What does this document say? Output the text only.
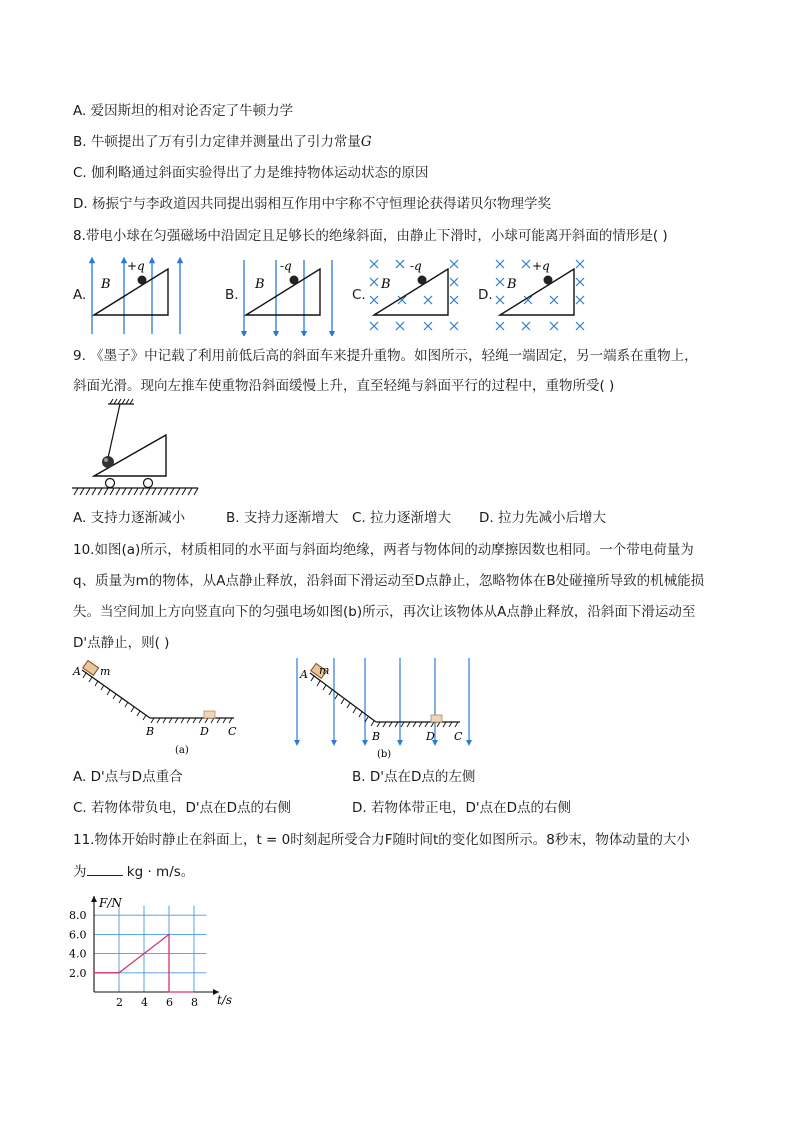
A. 爱因斯坦的相对论否定了牛顿力学
B. 牛顿提出了万有引力定律并测量出了引力常量G
C. 伽利略通过斜面实验得出了力是维持物体运动状态的原因
D. 杨振宁与李政道因共同提出弱相互作用中宇称不守恒理论获得诺贝尔物理学奖
8.带电小球在匀强磁场中沿固定且足够长的绝缘斜面，由静止下滑时，小球可能离开斜面的情形是( )
A.
B
+q
B.
B
-q
C.
B
-q
D.
B
+q
9. 《墨子》中记载了利用前低后高的斜面车来提升重物。如图所示，轻绳一端固定，另一端系在重物上，
斜面光滑。现向左推车使重物沿斜面缓慢上升，直至轻绳与斜面平行的过程中，重物所受( )
A. 支持力逐渐减小	B. 支持力逐渐增大 C. 拉力逐渐增大 D. 拉力先减小后增大
10.如图(a)所示，材质相同的水平面与斜面均绝缘，两者与物体间的动摩擦因数也相同。一个带电荷量为
q、质量为m的物体，从A点静止释放，沿斜面下滑运动至D点静止，忽略物体在B处碰撞所导致的机械能损
失。当空间加上方向竖直向下的匀强电场如图(b)所示，再次让该物体从A点静止释放，沿斜面下滑运动至
D'点静止，则( )
A m
B	D C
(a)
A m
B	D C
(b)
A. D'点与D点重合	B. D'点在D点的左侧
C. 若物体带负电，D'点在D点的右侧	D. 若物体带正电，D'点在D点的右侧
11.物体开始时静止在斜面上，t = 0时刻起所受合力F随时间t的变化如图所示。8秒末，物体动量的大小
为	kg · m/s。
2 4 6 8
2.0
4.0
6.0
8.0
F/N
t/s
